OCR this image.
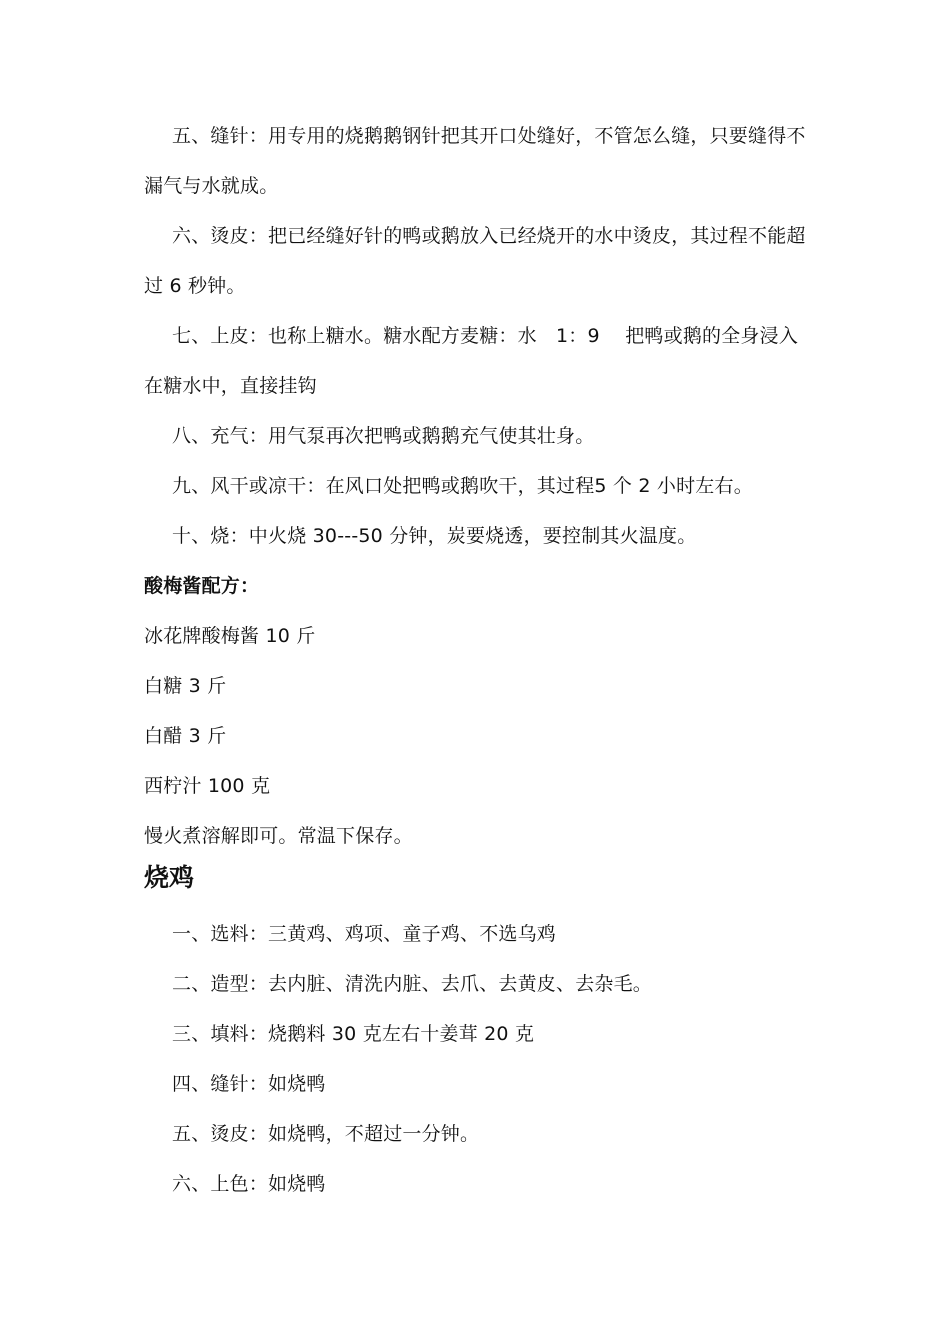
五、缝针：用专用的烧鹅鹅钢针把其开口处缝好，不管怎么缝，只要缝得不
漏气与水就成。
六、烫皮：把已经缝好针的鸭或鹅放入已经烧开的水中烫皮，其过程不能超
过 6 秒钟。
七、上皮：也称上糖水。糖水配方麦糖：水　1：9　 把鸭或鹅的全身浸入
在糖水中，直接挂钩
八、充气：用气泵再次把鸭或鹅鹅充气使其壮身。
九、风干或凉干：在风口处把鸭或鹅吹干，其过程5 个 2 小时左右。
十、烧：中火烧 30---50 分钟，炭要烧透，要控制其火温度。
酸梅酱配方：
冰花牌酸梅酱 10 斤
白糖 3 斤
白醋 3 斤
西柠汁 100 克
慢火煮溶解即可。常温下保存。
烧鸡
一、选料：三黄鸡、鸡项、童子鸡、不选乌鸡
二、造型：去内脏、清洗内脏、去爪、去黄皮、去杂毛。
三、填料：烧鹅料 30 克左右十姜茸 20 克
四、缝针：如烧鸭
五、烫皮：如烧鸭，不超过一分钟。
六、上色：如烧鸭
